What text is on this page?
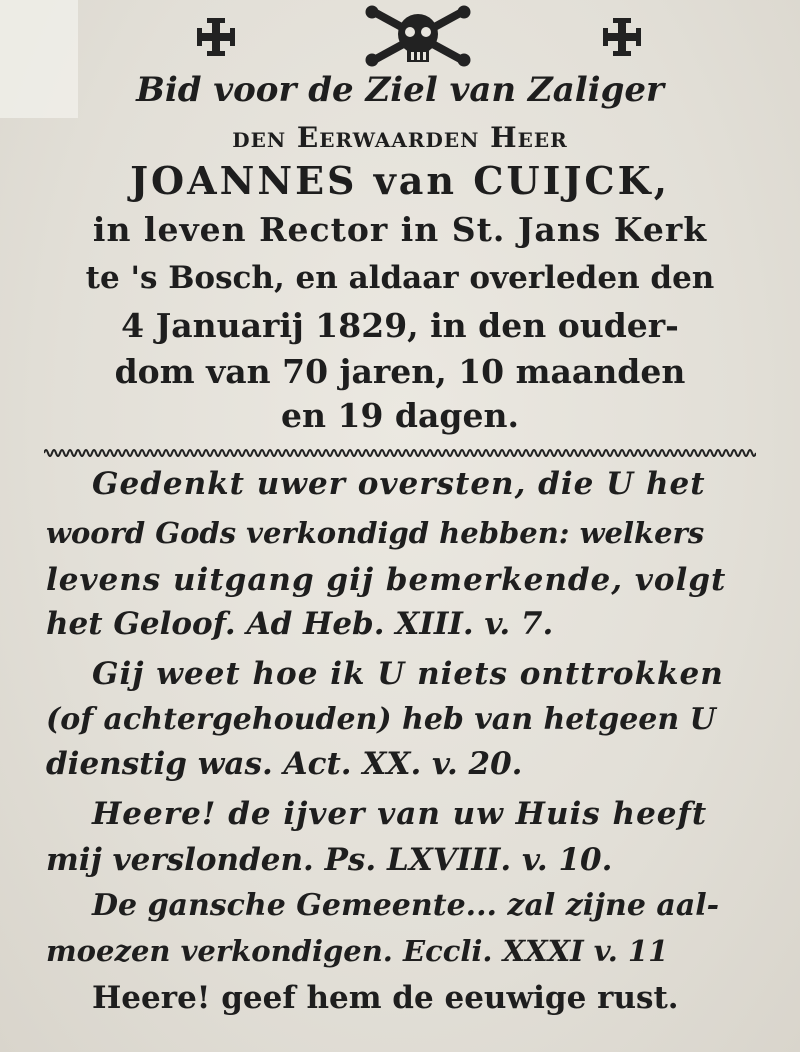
Bid voor de Ziel van Zaliger

den Eerwaarden Heer

JOANNES van CUIJCK,

in leven Rector in St. Jans Kerk

te 's Bosch, en aldaar overleden den

4 Januarij 1829, in den ouder-

dom van 70 jaren, 10 maanden

en 19 dagen.

Gedenkt uwer oversten, die U het

woord Gods verkondigd hebben: welkers

levens uitgang gij bemerkende, volgt

het Geloof. Ad Heb. XIII. v. 7.

Gij weet hoe ik U niets onttrokken

(of achtergehouden) heb van hetgeen U

dienstig was. Act. XX. v. 20.

Heere! de ijver van uw Huis heeft

mij verslonden. Ps. LXVIII. v. 10.

De gansche Gemeente... zal zijne aal-

moezen verkondigen. Eccli. XXXI v. 11

Heere! geef hem de eeuwige rust.
